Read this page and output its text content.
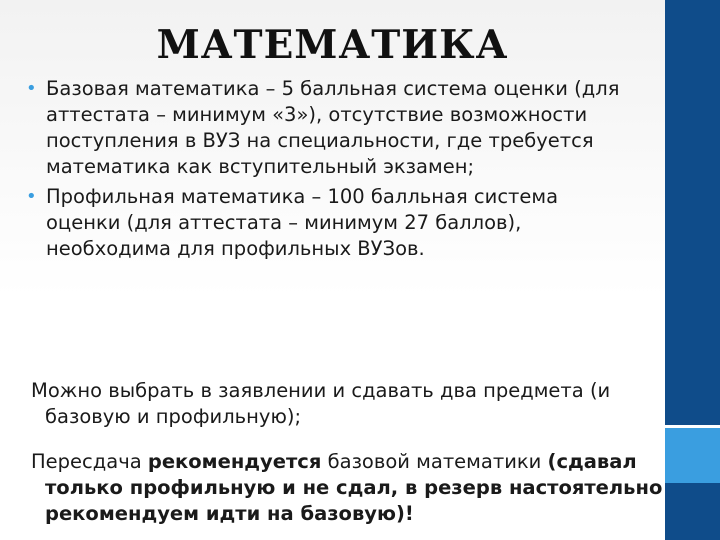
МАТЕМАТИКА
• Базовая математика – 5 балльная система оценки (для аттестата – минимум «3»), отсутствие возможности поступления в ВУЗ на специальности, где требуется математика как вступительный экзамен;
• Профильная математика – 100 балльная система оценки (для аттестата – минимум 27 баллов), необходима для профильных ВУЗов.

Можно выбрать в заявлении и сдавать два предмета (и базовую и профильную);

Пересдача рекомендуется базовой математики (сдавал только профильную и не сдал, в резерв настоятельно рекомендуем идти на базовую)!
